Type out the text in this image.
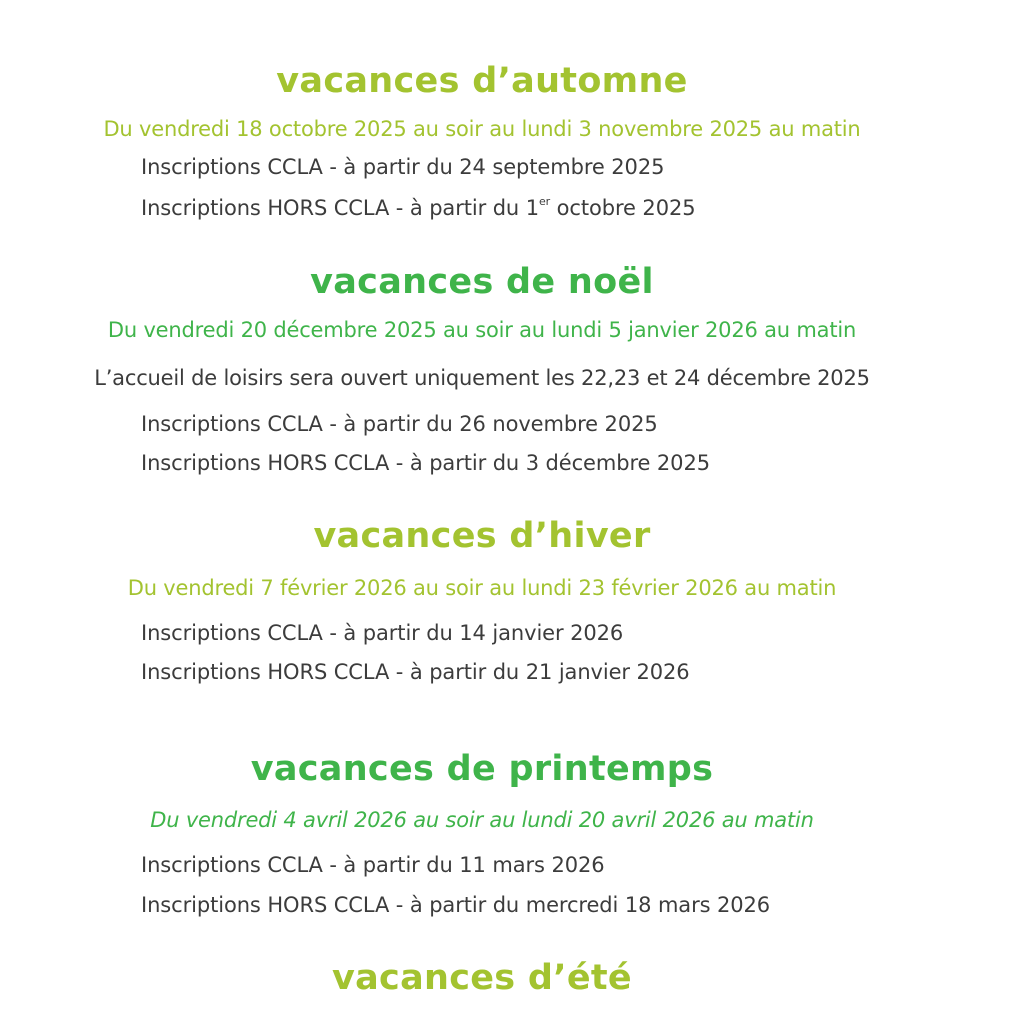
vacances d’automne
Du vendredi 18 octobre 2025 au soir au lundi 3 novembre 2025 au matin
Inscriptions CCLA - à partir du 24 septembre 2025
Inscriptions HORS CCLA - à partir du 1er octobre 2025
vacances de noël
Du vendredi 20 décembre 2025 au soir au lundi 5 janvier 2026 au matin
L’accueil de loisirs sera ouvert uniquement les 22,23 et 24 décembre 2025
Inscriptions CCLA - à partir du 26 novembre 2025
Inscriptions HORS CCLA - à partir du 3 décembre 2025
vacances d’hiver
Du vendredi 7 février 2026 au soir au lundi 23 février 2026 au matin
Inscriptions CCLA - à partir du 14 janvier 2026
Inscriptions HORS CCLA - à partir du 21 janvier 2026
vacances de printemps
Du vendredi 4 avril 2026 au soir au lundi 20 avril 2026 au matin
Inscriptions CCLA - à partir du 11 mars 2026
Inscriptions HORS CCLA - à partir du mercredi 18 mars 2026
vacances d’été
